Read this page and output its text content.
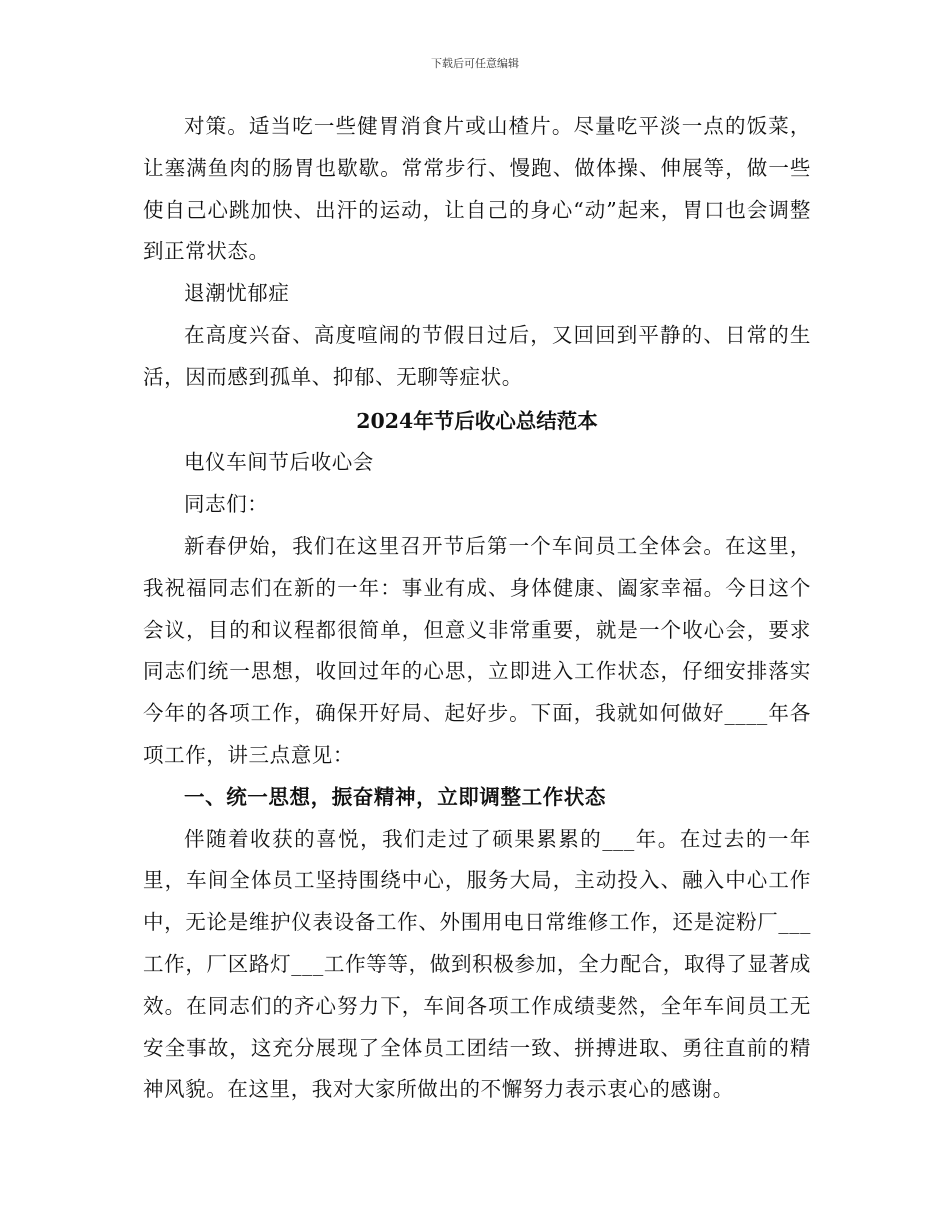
下载后可任意编辑

对策。适当吃一些健胃消食片或山楂片。尽量吃平淡一点的饭菜，让塞满鱼肉的肠胃也歇歇。常常步行、慢跑、做体操、伸展等，做一些使自己心跳加快、出汗的运动，让自己的身心“动”起来，胃口也会调整到正常状态。

退潮忧郁症

在高度兴奋、高度喧闹的节假日过后，又回回到平静的、日常的生活，因而感到孤单、抑郁、无聊等症状。

2024年节后收心总结范本

电仪车间节后收心会

同志们：

新春伊始，我们在这里召开节后第一个车间员工全体会。在这里，我祝福同志们在新的一年：事业有成、身体健康、阖家幸福。今日这个会议，目的和议程都很简单，但意义非常重要，就是一个收心会，要求同志们统一思想，收回过年的心思，立即进入工作状态，仔细安排落实今年的各项工作，确保开好局、起好步。下面，我就如何做好____年各项工作，讲三点意见：

一、统一思想，振奋精神，立即调整工作状态

伴随着收获的喜悦，我们走过了硕果累累的___年。在过去的一年里，车间全体员工坚持围绕中心，服务大局，主动投入、融入中心工作中，无论是维护仪表设备工作、外围用电日常维修工作，还是淀粉厂___工作，厂区路灯___工作等等，做到积极参加，全力配合，取得了显著成效。在同志们的齐心努力下，车间各项工作成绩斐然，全年车间员工无安全事故，这充分展现了全体员工团结一致、拼搏进取、勇往直前的精神风貌。在这里，我对大家所做出的不懈努力表示衷心的感谢。
